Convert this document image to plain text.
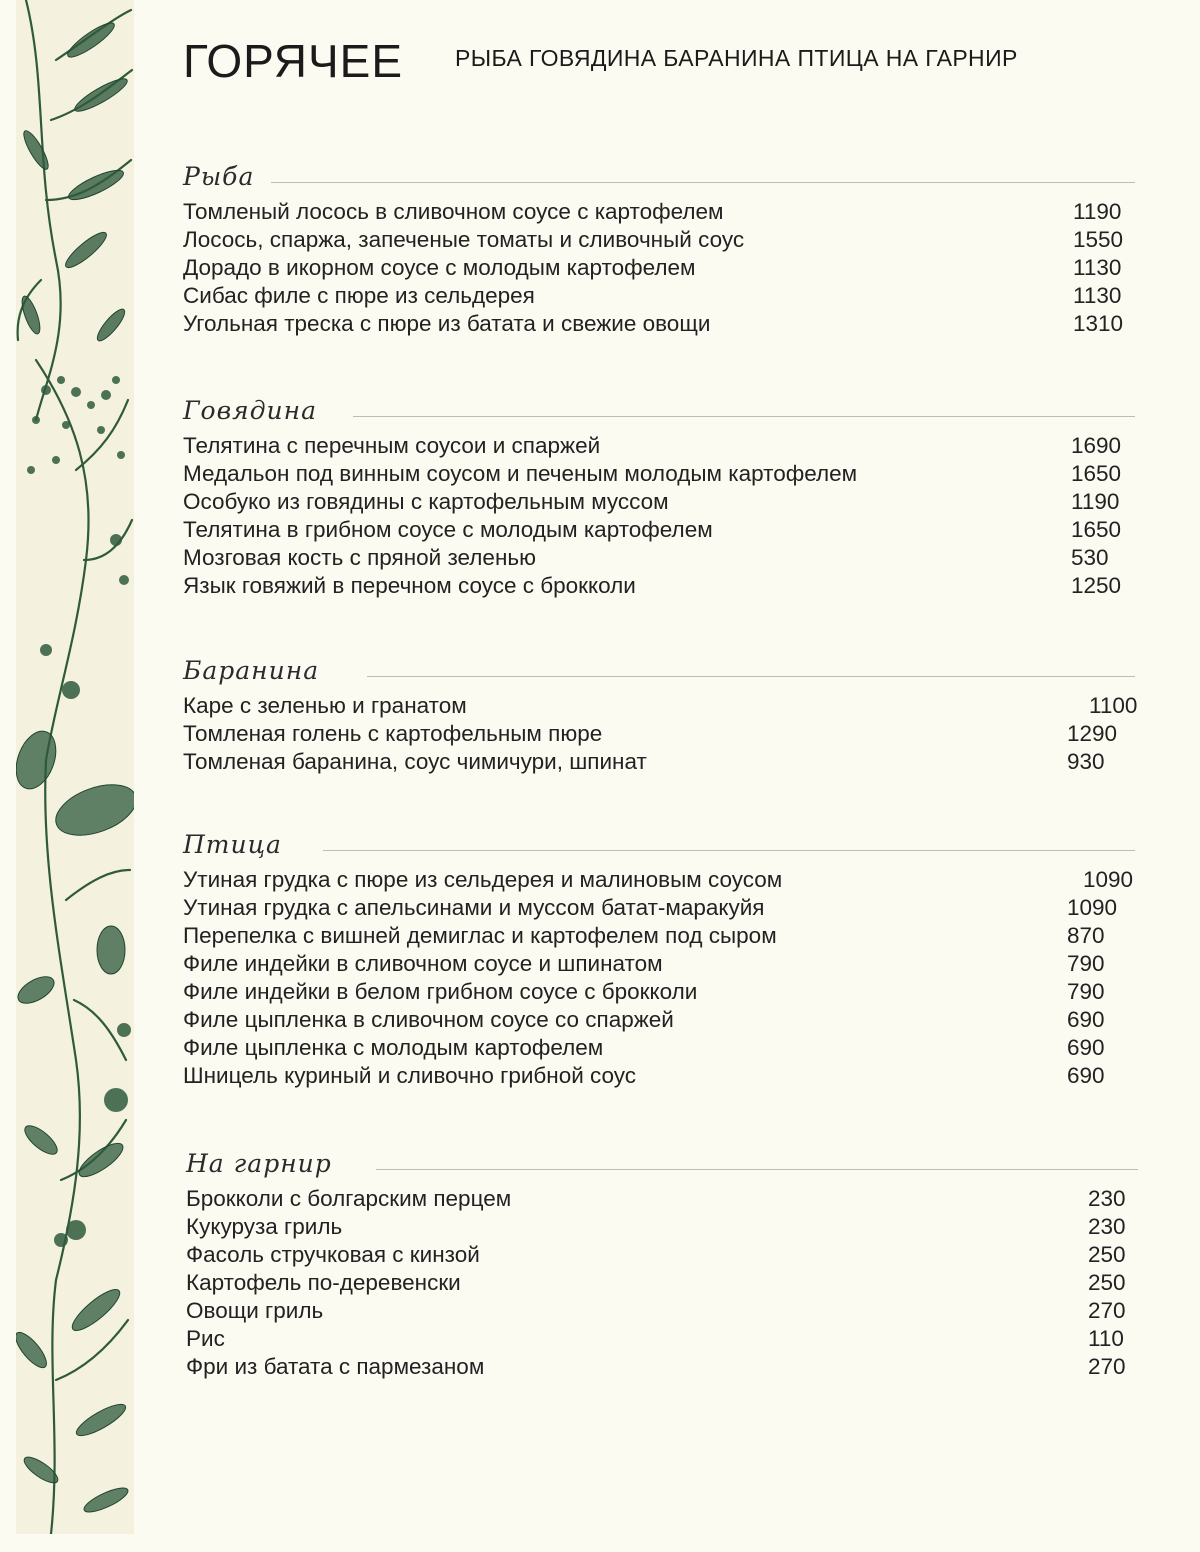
ГОРЯЧЕЕ РЫБА ГОВЯДИНА БАРАНИНА ПТИЦА НА ГАРНИР
Рыба
Томленый лосось в сливочном соусе с картофелем	1190
Лосось, спаржа, запеченые томаты и сливочный соус	1550
Дорадо в икорном соусе с молодым картофелем	1130
Сибас филе с пюре из сельдерея	1130
Угольная треска с пюре из батата и свежие овощи	1310
Говядина
Телятина с перечным соусои и спаржей	1690
Медальон под винным соусом и печеным молодым картофелем	1650
Особуко из говядины с картофельным муссом	1190
Телятина в грибном соусе с молодым картофелем	1650
Мозговая кость с пряной зеленью	530
Язык говяжий в перечном соусе с брокколи	1250
Баранина
Каре с зеленью и гранатом	1100
Томленая голень с картофельным пюре	1290
Томленая баранина, соус чимичури, шпинат	930
Птица
Утиная грудка с пюре из сельдерея и малиновым соусом	1090
Утиная грудка с апельсинами и муссом батат-маракуйя	1090
Перепелка с вишней демиглас и картофелем под сыром	870
Филе индейки в сливочном соусе и шпинатом	790
Филе индейки в белом грибном соусе с брокколи	790
Филе цыпленка в сливочном соусе со спаржей	690
Филе цыпленка с молодым картофелем	690
Шницель куриный и сливочно грибной соус	690
На гарнир
Брокколи с болгарским перцем	230
Кукуруза гриль	230
Фасоль стручковая с кинзой	250
Картофель по-деревенски	250
Овощи гриль	270
Рис	110
Фри из батата с пармезаном	270
